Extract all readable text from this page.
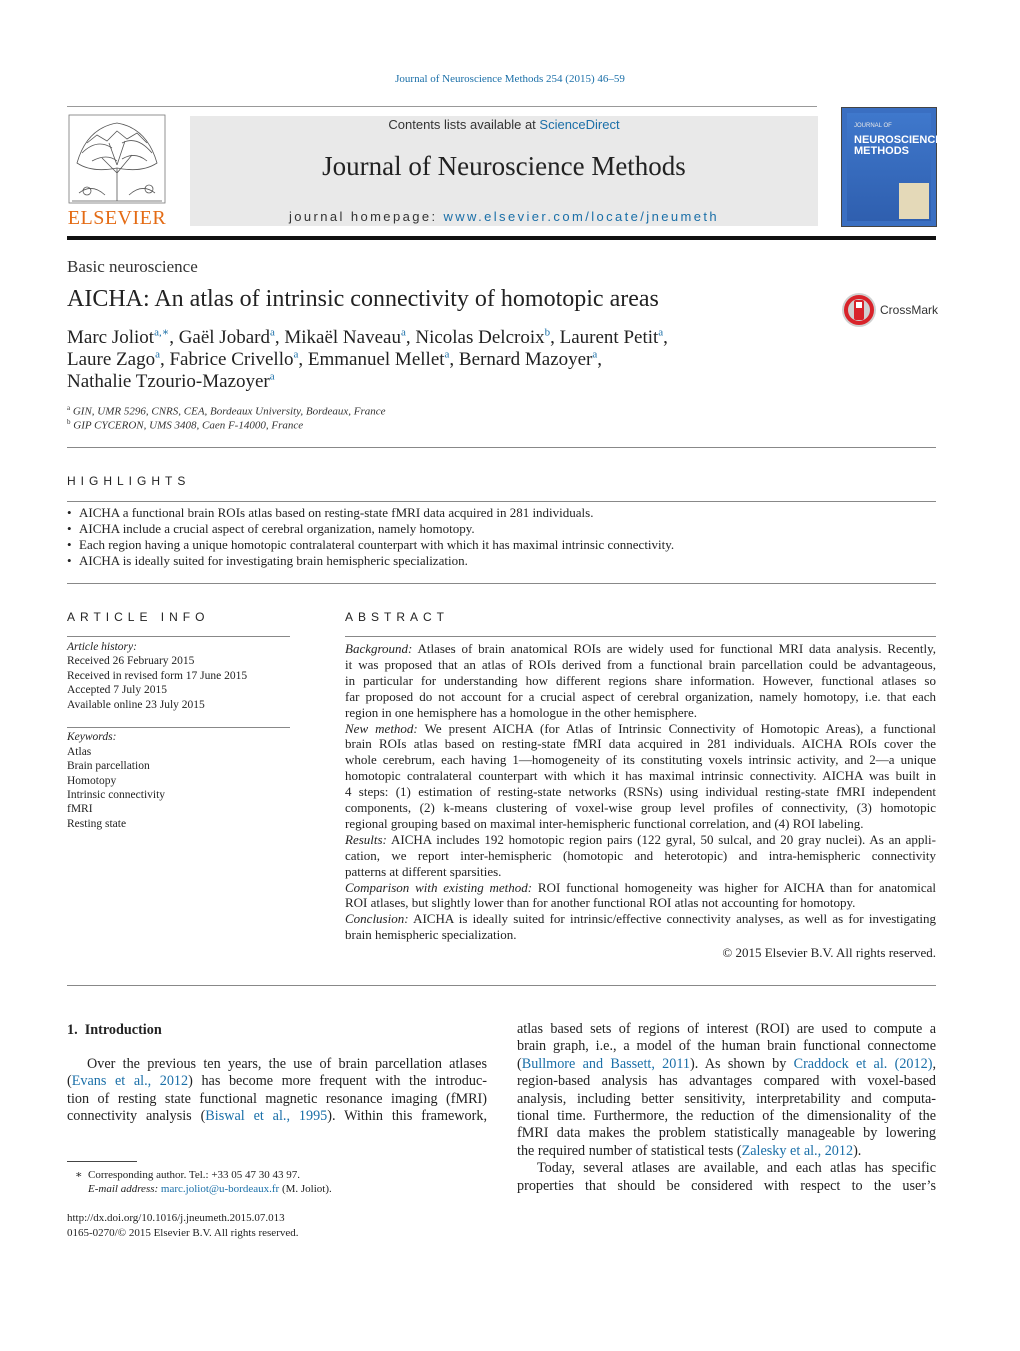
Journal of Neuroscience Methods 254 (2015) 46–59
ELSEVIER
Contents lists available at ScienceDirect
Journal of Neuroscience Methods
journal homepage: www.elsevier.com/locate/jneumeth
JOURNAL OF
NEUROSCIENCE
METHODS
Basic neuroscience
AICHA: An atlas of intrinsic connectivity of homotopic areas	CrossMark
Marc Joliot$^{a,∗}$, Gaël Jobard$^a$, Mikaël Naveau$^a$, Nicolas Delcroix$^b$, Laurent Petit$^a$,
Laure Zago$^a$, Fabrice Crivello$^a$, Emmanuel Mellet$^a$, Bernard Mazoyer$^a$,
Nathalie Tzourio-Mazoyer$^a$
$^a$ GIN, UMR 5296, CNRS, CEA, Bordeaux University, Bordeaux, France
$^b$ GIP CYCERON, UMS 3408, Caen F-14000, France
HIGHLIGHTS
• AICHA a functional brain ROIs atlas based on resting-state fMRI data acquired in 281 individuals.
• AICHA include a crucial aspect of cerebral organization, namely homotopy.
• Each region having a unique homotopic contralateral counterpart with which it has maximal intrinsic connectivity.
• AICHA is ideally suited for investigating brain hemispheric specialization.
ARTICLE INFO
Article history:
Received 26 February 2015
Received in revised form 17 June 2015
Accepted 7 July 2015
Available online 23 July 2015
Keywords:
Atlas
Brain parcellation
Homotopy
Intrinsic connectivity
fMRI
Resting state
ABSTRACT
Background: Atlases of brain anatomical ROIs are widely used for functional MRI data analysis. Recently,
it was proposed that an atlas of ROIs derived from a functional brain parcellation could be advantageous,
in particular for understanding how different regions share information. However, functional atlases so
far proposed do not account for a crucial aspect of cerebral organization, namely homotopy, i.e. that each
region in one hemisphere has a homologue in the other hemisphere.
New method: We present AICHA (for Atlas of Intrinsic Connectivity of Homotopic Areas), a functional
brain ROIs atlas based on resting-state fMRI data acquired in 281 individuals. AICHA ROIs cover the
whole cerebrum, each having 1—homogeneity of its constituting voxels intrinsic activity, and 2—a unique
homotopic contralateral counterpart with which it has maximal intrinsic connectivity. AICHA was built in
4 steps: (1) estimation of resting-state networks (RSNs) using individual resting-state fMRI independent
components, (2) k-means clustering of voxel-wise group level profiles of connectivity, (3) homotopic
regional grouping based on maximal inter-hemispheric functional correlation, and (4) ROI labeling.
Results: AICHA includes 192 homotopic region pairs (122 gyral, 50 sulcal, and 20 gray nuclei). As an appli-
cation, we report inter-hemispheric (homotopic and heterotopic) and intra-hemispheric connectivity
patterns at different sparsities.
Comparison with existing method: ROI functional homogeneity was higher for AICHA than for anatomical
ROI atlases, but slightly lower than for another functional ROI atlas not accounting for homotopy.
Conclusion: AICHA is ideally suited for intrinsic/effective connectivity analyses, as well as for investigating
brain hemispheric specialization.
© 2015 Elsevier B.V. All rights reserved.
1. Introduction
Over the previous ten years, the use of brain parcellation atlases
(Evans et al., 2012) has become more frequent with the introduc-
tion of resting state functional magnetic resonance imaging (fMRI)
connectivity analysis (Biswal et al., 1995). Within this framework,
atlas based sets of regions of interest (ROI) are used to compute a
brain graph, i.e., a model of the human brain functional connectome
(Bullmore and Bassett, 2011). As shown by Craddock et al. (2012),
region-based analysis has advantages compared with voxel-based
analysis, including better sensitivity, interpretability and computa-
tional time. Furthermore, the reduction of the dimensionality of the
fMRI data makes the problem statistically manageable by lowering
the required number of statistical tests (Zalesky et al., 2012).
Today, several atlases are available, and each atlas has specific
properties that should be considered with respect to the user’s
∗ Corresponding author. Tel.: +33 05 47 30 43 97.
E-mail address: marc.joliot@u-bordeaux.fr (M. Joliot).
http://dx.doi.org/10.1016/j.jneumeth.2015.07.013
0165-0270/© 2015 Elsevier B.V. All rights reserved.
